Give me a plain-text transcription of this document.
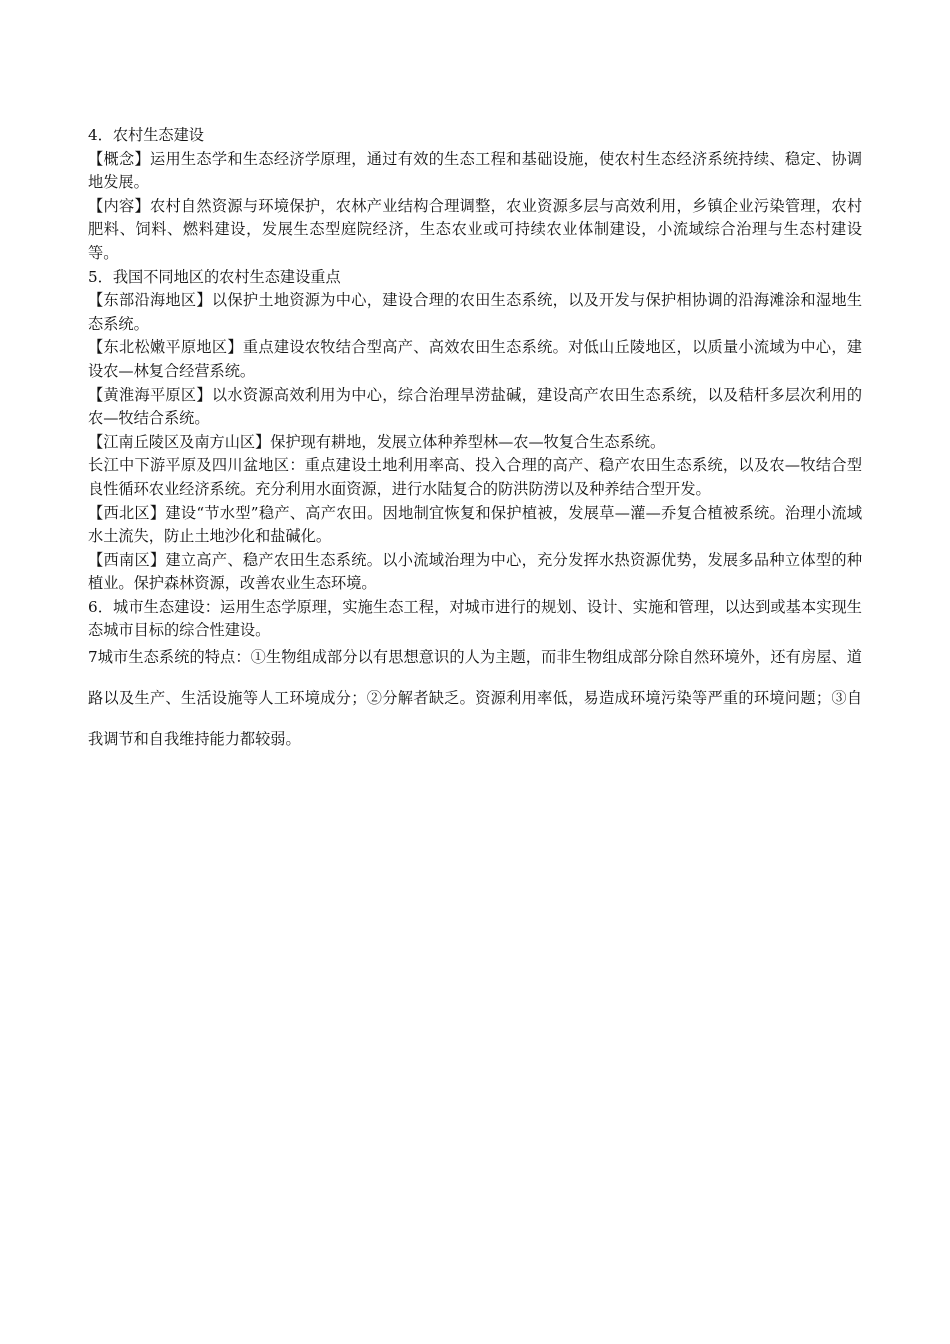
4．农村生态建设

【概念】运用生态学和生态经济学原理，通过有效的生态工程和基础设施，使农村生态经济系统持续、稳定、协调地发展。

【内容】农村自然资源与环境保护，农林产业结构合理调整，农业资源多层与高效利用，乡镇企业污染管理，农村肥料、饲料、燃料建设，发展生态型庭院经济，生态农业或可持续农业体制建设，小流域综合治理与生态村建设等。

5．我国不同地区的农村生态建设重点

【东部沿海地区】以保护土地资源为中心，建设合理的农田生态系统，以及开发与保护相协调的沿海滩涂和湿地生态系统。

【东北松嫩平原地区】重点建设农牧结合型高产、高效农田生态系统。对低山丘陵地区，以质量小流域为中心，建设农—林复合经营系统。

【黄淮海平原区】以水资源高效利用为中心，综合治理旱涝盐碱，建设高产农田生态系统，以及秸杆多层次利用的农—牧结合系统。

【江南丘陵区及南方山区】保护现有耕地，发展立体种养型林—农—牧复合生态系统。

长江中下游平原及四川盆地区：重点建设土地利用率高、投入合理的高产、稳产农田生态系统，以及农—牧结合型良性循环农业经济系统。充分利用水面资源，进行水陆复合的防洪防涝以及种养结合型开发。

【西北区】建设“节水型”稳产、高产农田。因地制宜恢复和保护植被，发展草—灌—乔复合植被系统。治理小流域水土流失，防止土地沙化和盐碱化。

【西南区】建立高产、稳产农田生态系统。以小流域治理为中心，充分发挥水热资源优势，发展多品种立体型的种植业。保护森林资源，改善农业生态环境。

6．城市生态建设：运用生态学原理，实施生态工程，对城市进行的规划、设计、实施和管理，以达到或基本实现生态城市目标的综合性建设。

7城市生态系统的特点：①生物组成部分以有思想意识的人为主题，而非生物组成部分除自然环境外，还有房屋、道路以及生产、生活设施等人工环境成分；②分解者缺乏。资源利用率低，易造成环境污染等严重的环境问题；③自我调节和自我维持能力都较弱。
